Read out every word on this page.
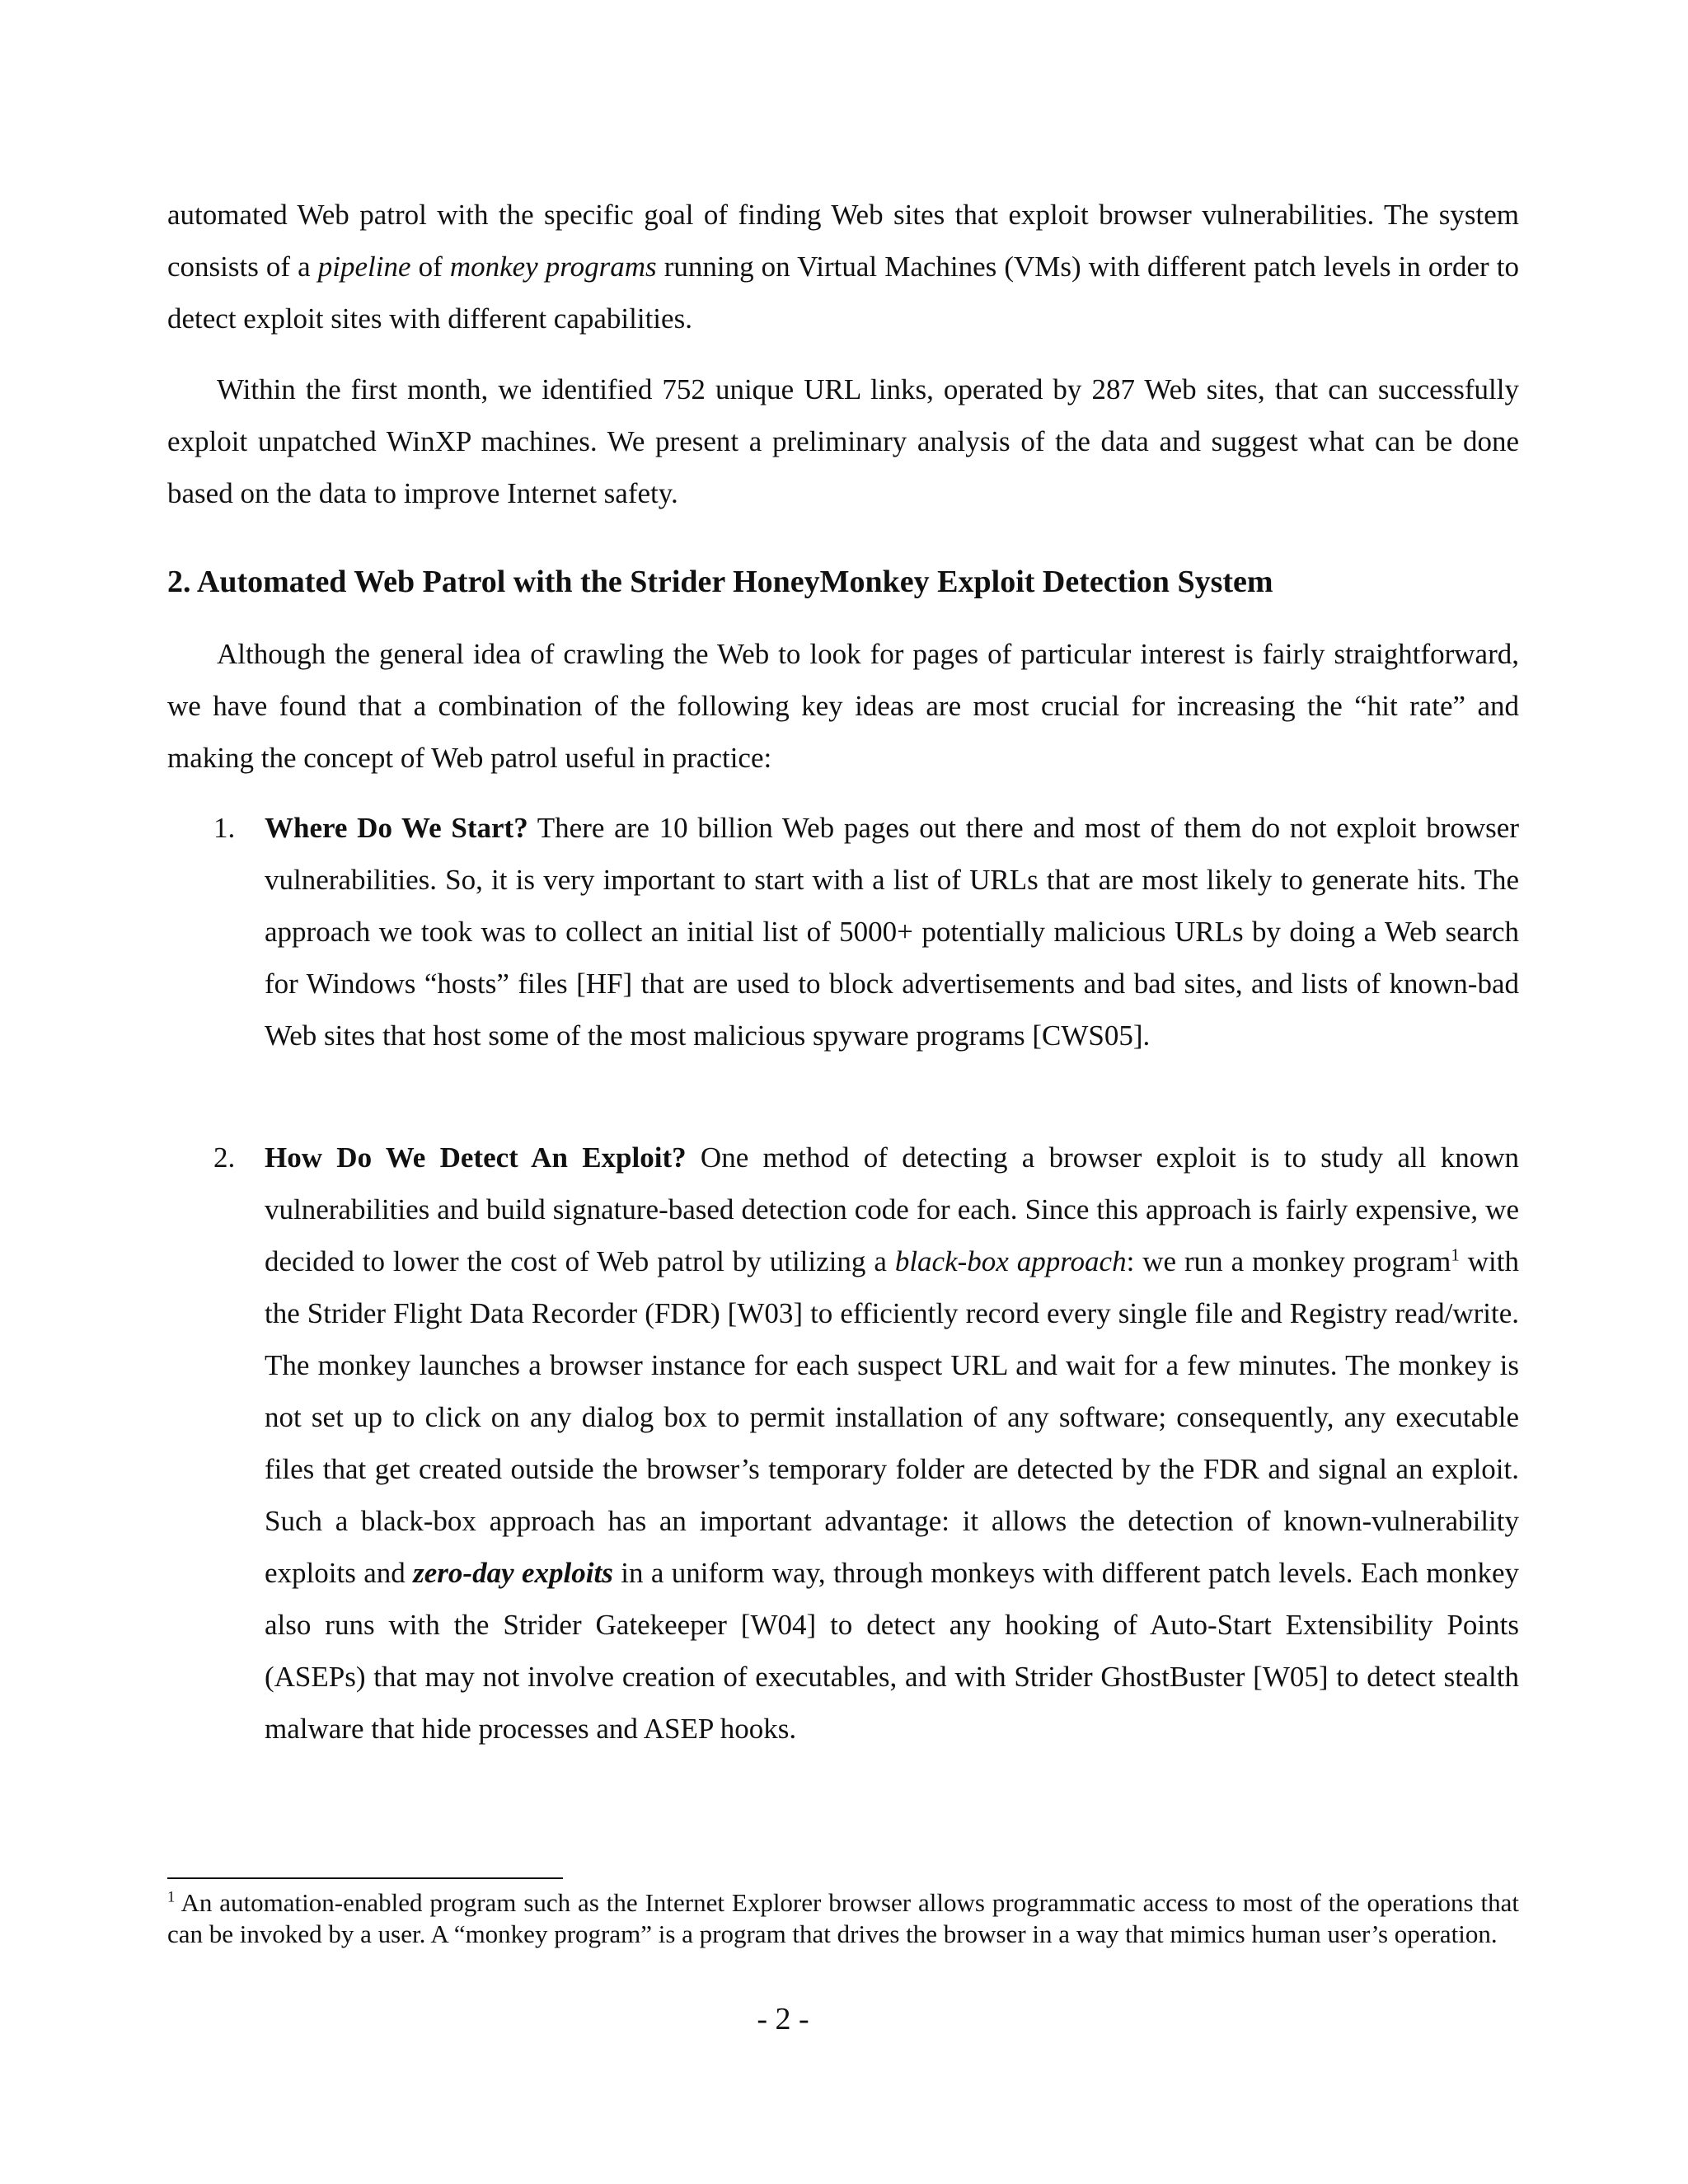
automated Web patrol with the specific goal of finding Web sites that exploit browser vulnerabilities. The system consists of a pipeline of monkey programs running on Virtual Machines (VMs) with different patch levels in order to detect exploit sites with different capabilities.

Within the first month, we identified 752 unique URL links, operated by 287 Web sites, that can successfully exploit unpatched WinXP machines. We present a preliminary analysis of the data and suggest what can be done based on the data to improve Internet safety.

2. Automated Web Patrol with the Strider HoneyMonkey Exploit Detection System

Although the general idea of crawling the Web to look for pages of particular interest is fairly straightforward, we have found that a combination of the following key ideas are most crucial for increasing the “hit rate” and making the concept of Web patrol useful in practice:

1. Where Do We Start? There are 10 billion Web pages out there and most of them do not exploit browser vulnerabilities. So, it is very important to start with a list of URLs that are most likely to generate hits. The approach we took was to collect an initial list of 5000+ potentially malicious URLs by doing a Web search for Windows “hosts” files [HF] that are used to block advertisements and bad sites, and lists of known-bad Web sites that host some of the most malicious spyware programs [CWS05].
2. How Do We Detect An Exploit? One method of detecting a browser exploit is to study all known vulnerabilities and build signature-based detection code for each. Since this approach is fairly expensive, we decided to lower the cost of Web patrol by utilizing a black-box approach: we run a monkey program$^1$ with the Strider Flight Data Recorder (FDR) [W03] to efficiently record every single file and Registry read/write. The monkey launches a browser instance for each suspect URL and wait for a few minutes. The monkey is not set up to click on any dialog box to permit installation of any software; consequently, any executable files that get created outside the browser’s temporary folder are detected by the FDR and signal an exploit. Such a black-box approach has an important advantage: it allows the detection of known-vulnerability exploits and zero-day exploits in a uniform way, through monkeys with different patch levels. Each monkey also runs with the Strider Gatekeeper [W04] to detect any hooking of Auto-Start Extensibility Points (ASEPs) that may not involve creation of executables, and with Strider GhostBuster [W05] to detect stealth malware that hide processes and ASEP hooks.
$^1$ An automation-enabled program such as the Internet Explorer browser allows programmatic access to most of the operations that can be invoked by a user. A “monkey program” is a program that drives the browser in a way that mimics human user’s operation.
- 2 -
